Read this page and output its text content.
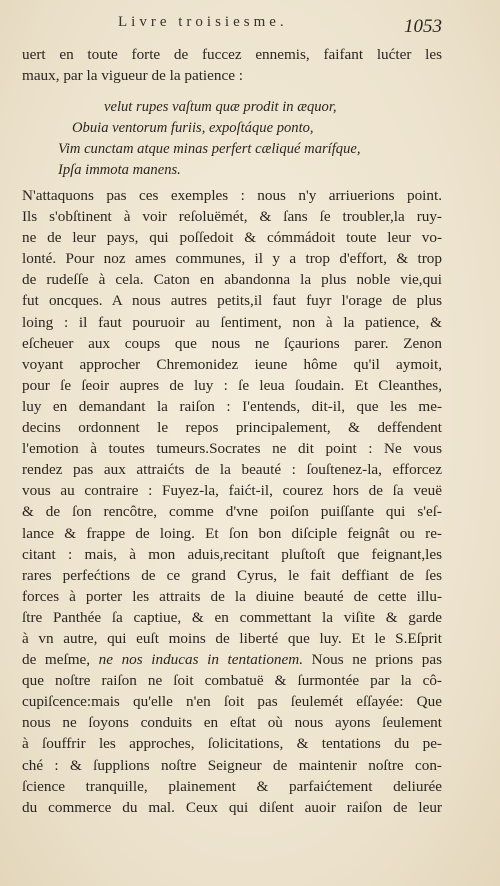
Livre troisiesme.	1053
uert en toute forte de fuccez ennemis, faifant lućter les
maux, par la vigueur de la patience :
velut rupes vaſtum quæ prodit in æquor,
Obuia ventorum furiis, expoſtáque ponto,
Vim cunctam atque minas perfert cæliqué marífque,
Ipſa immota manens.
N'attaquons pas ces exemples : nous n'y arriuerions point.
Ils s'obſtinent à voir reſoluëmét, & ſans ſe troubler,la ruy-
ne de leur pays, qui poſſedoit & cómmádoit toute leur vo-
lonté. Pour noz ames communes, il y a trop d'effort, & trop
de rudeſſe à cela. Caton en abandonna la plus noble vie,qui
fut oncques. A nous autres petits,il faut fuyr l'orage de plus
loing : il faut pouruoir au ſentiment, non à la patience, &
eſcheuer aux coups que nous ne ſçaurions parer. Zenon
voyant approcher Chremonidez ieune hôme qu'il aymoit,
pour ſe ſeoir aupres de luy : ſe leua ſoudain. Et Cleanthes,
luy en demandant la raiſon : I'entends, dit-il, que les me-
decins ordonnent le repos principalement, & deffendent
l'emotion à toutes tumeurs.Socrates ne dit point : Ne vous
rendez pas aux attraićts de la beauté : ſouſtenez-la, efforcez
vous au contraire : Fuyez-la, faićt-il, courez hors de ſa veuë
& de ſon rencôtre, comme d'vne poiſon puiſſante qui s'eſ-
lance & frappe de loing. Et ſon bon diſciple feignât ou re-
citant : mais, à mon aduis,recitant pluſtoſt que feignant,les
rares perfećtions de ce grand Cyrus, le fait deffiant de ſes
forces à porter les attraits de la diuine beauté de cette illu-
ſtre Panthée ſa captiue, & en commettant la viſite & garde
à vn autre, qui euſt moins de liberté que luy. Et le S.Eſprit
de meſme, ne nos inducas in tentationem. Nous ne prions pas
que noſtre raiſon ne ſoit combatuë & ſurmontée par la cô-
cupiſcence:mais qu'elle n'en ſoit pas ſeulemét eſſayée: Que
nous ne ſoyons conduits en eſtat où nous ayons ſeulement
à ſouffrir les approches, ſolicitations, & tentations du pe-
ché : & ſupplions noſtre Seigneur de maintenir noſtre con-
ſcience tranquille, plainement & parfaićtement deliurée
du commerce du mal. Ceux qui diſent auoir raiſon de leur
